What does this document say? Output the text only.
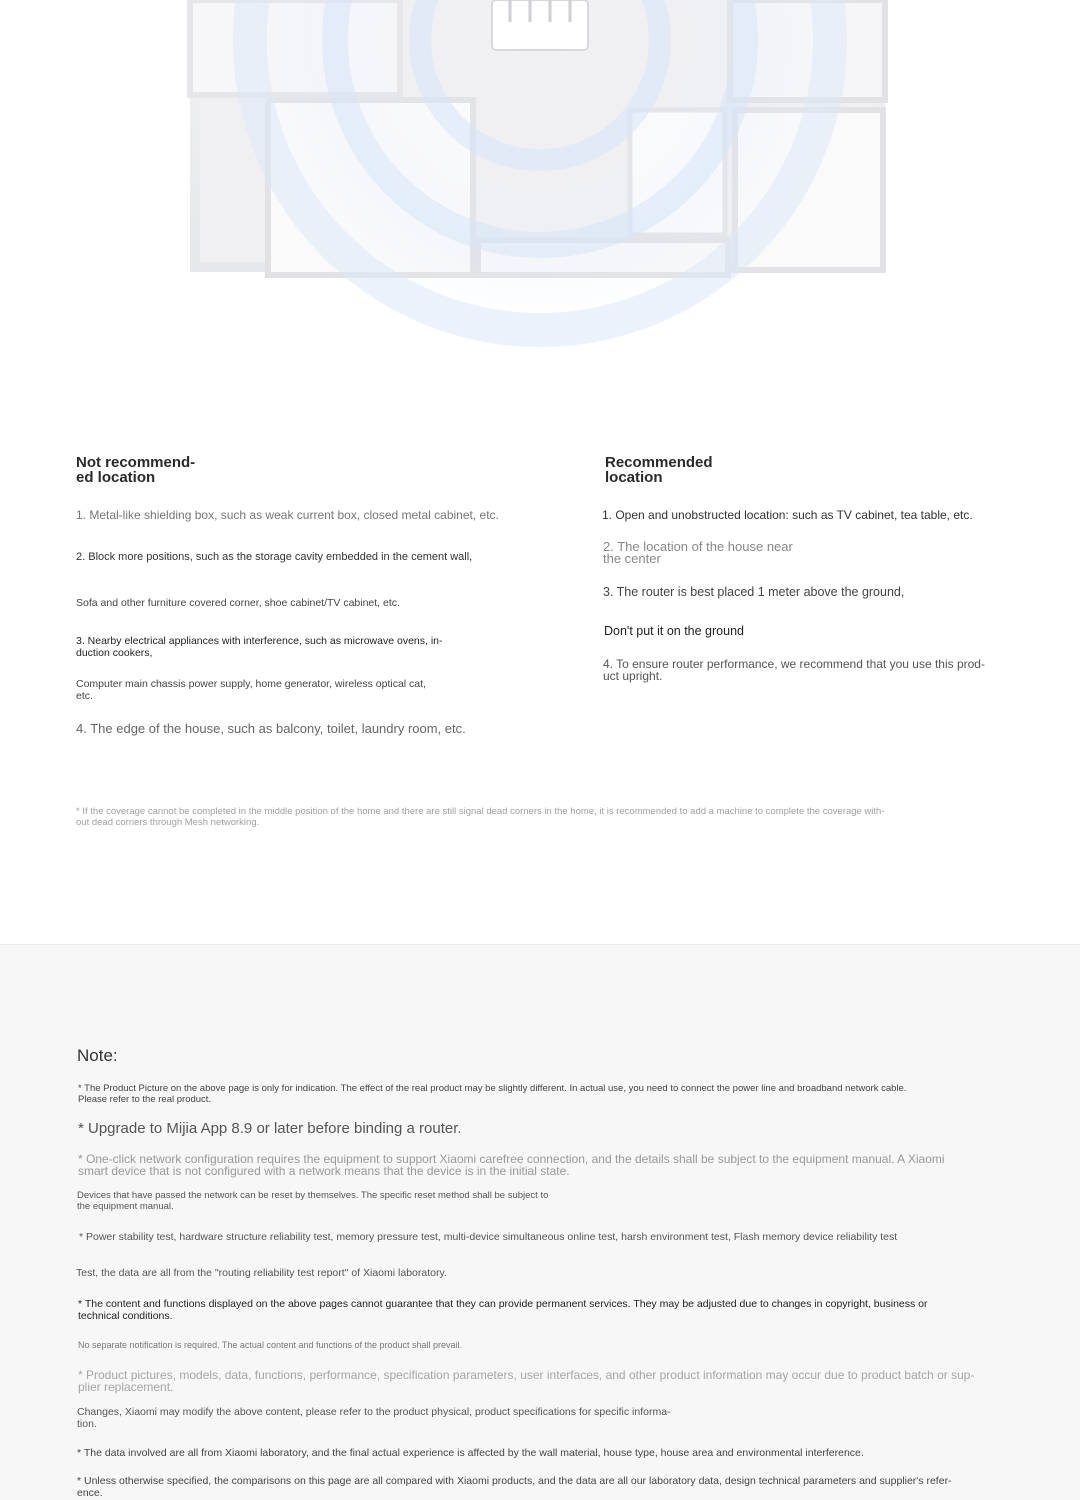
Not recommend-
ed location
1. Metal-like shielding box, such as weak current box, closed metal cabinet, etc.
2. Block more positions, such as the storage cavity embedded in the cement wall,
Sofa and other furniture covered corner, shoe cabinet/TV cabinet, etc.
3. Nearby electrical appliances with interference, such as microwave ovens, in-
duction cookers,
Computer main chassis power supply, home generator, wireless optical cat,
etc.
4. The edge of the house, such as balcony, toilet, laundry room, etc.
Recommended
location
1. Open and unobstructed location: such as TV cabinet, tea table, etc.
2. The location of the house near
the center
3. The router is best placed 1 meter above the ground,
Don't put it on the ground
4. To ensure router performance, we recommend that you use this prod-
uct upright.
* If the coverage cannot be completed in the middle position of the home and there are still signal dead corners in the home, it is recommended to add a machine to complete the coverage with-
out dead corners through Mesh networking.
Note:
* The Product Picture on the above page is only for indication. The effect of the real product may be slightly different. In actual use, you need to connect the power line and broadband network cable.
Please refer to the real product.
* Upgrade to Mijia App 8.9 or later before binding a router.
* One-click network configuration requires the equipment to support Xiaomi carefree connection, and the details shall be subject to the equipment manual. A Xiaomi
smart device that is not configured with a network means that the device is in the initial state.
Devices that have passed the network can be reset by themselves. The specific reset method shall be subject to
the equipment manual.
* Power stability test, hardware structure reliability test, memory pressure test, multi-device simultaneous online test, harsh environment test, Flash memory device reliability test
Test, the data are all from the "routing reliability test report" of Xiaomi laboratory.
* The content and functions displayed on the above pages cannot guarantee that they can provide permanent services. They may be adjusted due to changes in copyright, business or
technical conditions.
No separate notification is required. The actual content and functions of the product shall prevail.
* Product pictures, models, data, functions, performance, specification parameters, user interfaces, and other product information may occur due to product batch or sup-
plier replacement.
Changes, Xiaomi may modify the above content, please refer to the product physical, product specifications for specific informa-
tion.
* The data involved are all from Xiaomi laboratory, and the final actual experience is affected by the wall material, house type, house area and environmental interference.
* Unless otherwise specified, the comparisons on this page are all compared with Xiaomi products, and the data are all our laboratory data, design technical parameters and supplier's refer-
ence.
